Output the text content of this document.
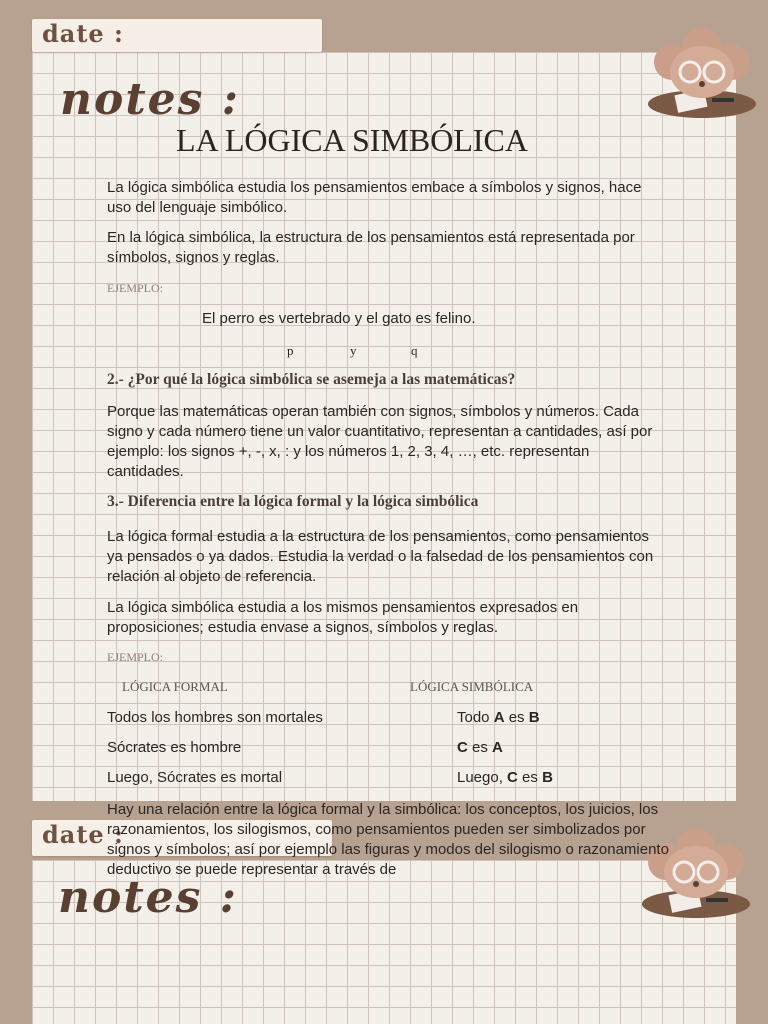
date :
notes :
LA LÓGICA SIMBÓLICA
La lógica simbólica estudia los pensamientos embace a símbolos y signos, hace uso del lenguaje simbólico.
En la lógica simbólica, la estructura de los pensamientos está representada por símbolos, signos y reglas.
EJEMPLO:
El perro es vertebrado y el gato es felino.
p	y	q
2.- ¿Por qué la lógica simbólica se asemeja a las matemáticas?
Porque las matemáticas operan también con signos, símbolos y números. Cada signo y cada número tiene un valor cuantitativo, representan a cantidades, así por ejemplo: los signos +, -, x, : y los números 1, 2, 3, 4, …, etc. representan cantidades.
3.- Diferencia entre la lógica formal y la lógica simbólica
La lógica formal estudia a la estructura de los pensamientos, como pensamientos ya pensados o ya dados. Estudia la verdad o la falsedad de los pensamientos con relación al objeto de referencia.
La lógica simbólica estudia a los mismos pensamientos expresados en proposiciones; estudia envase a signos, símbolos y reglas.
EJEMPLO:
LÓGICA FORMAL	LÓGICA SIMBÓLICA
Todos los hombres son mortales	Todo A es B
Sócrates es hombre	C es A
Luego, Sócrates es mortal	Luego, C es B
date :
notes :
Hay una relación entre la lógica formal y la simbólica: los conceptos, los juicios, los razonamientos, los silogismos, como pensamientos pueden ser simbolizados por signos y símbolos; así por ejemplo las figuras y modos del silogismo o razonamiento deductivo se puede representar a través de
